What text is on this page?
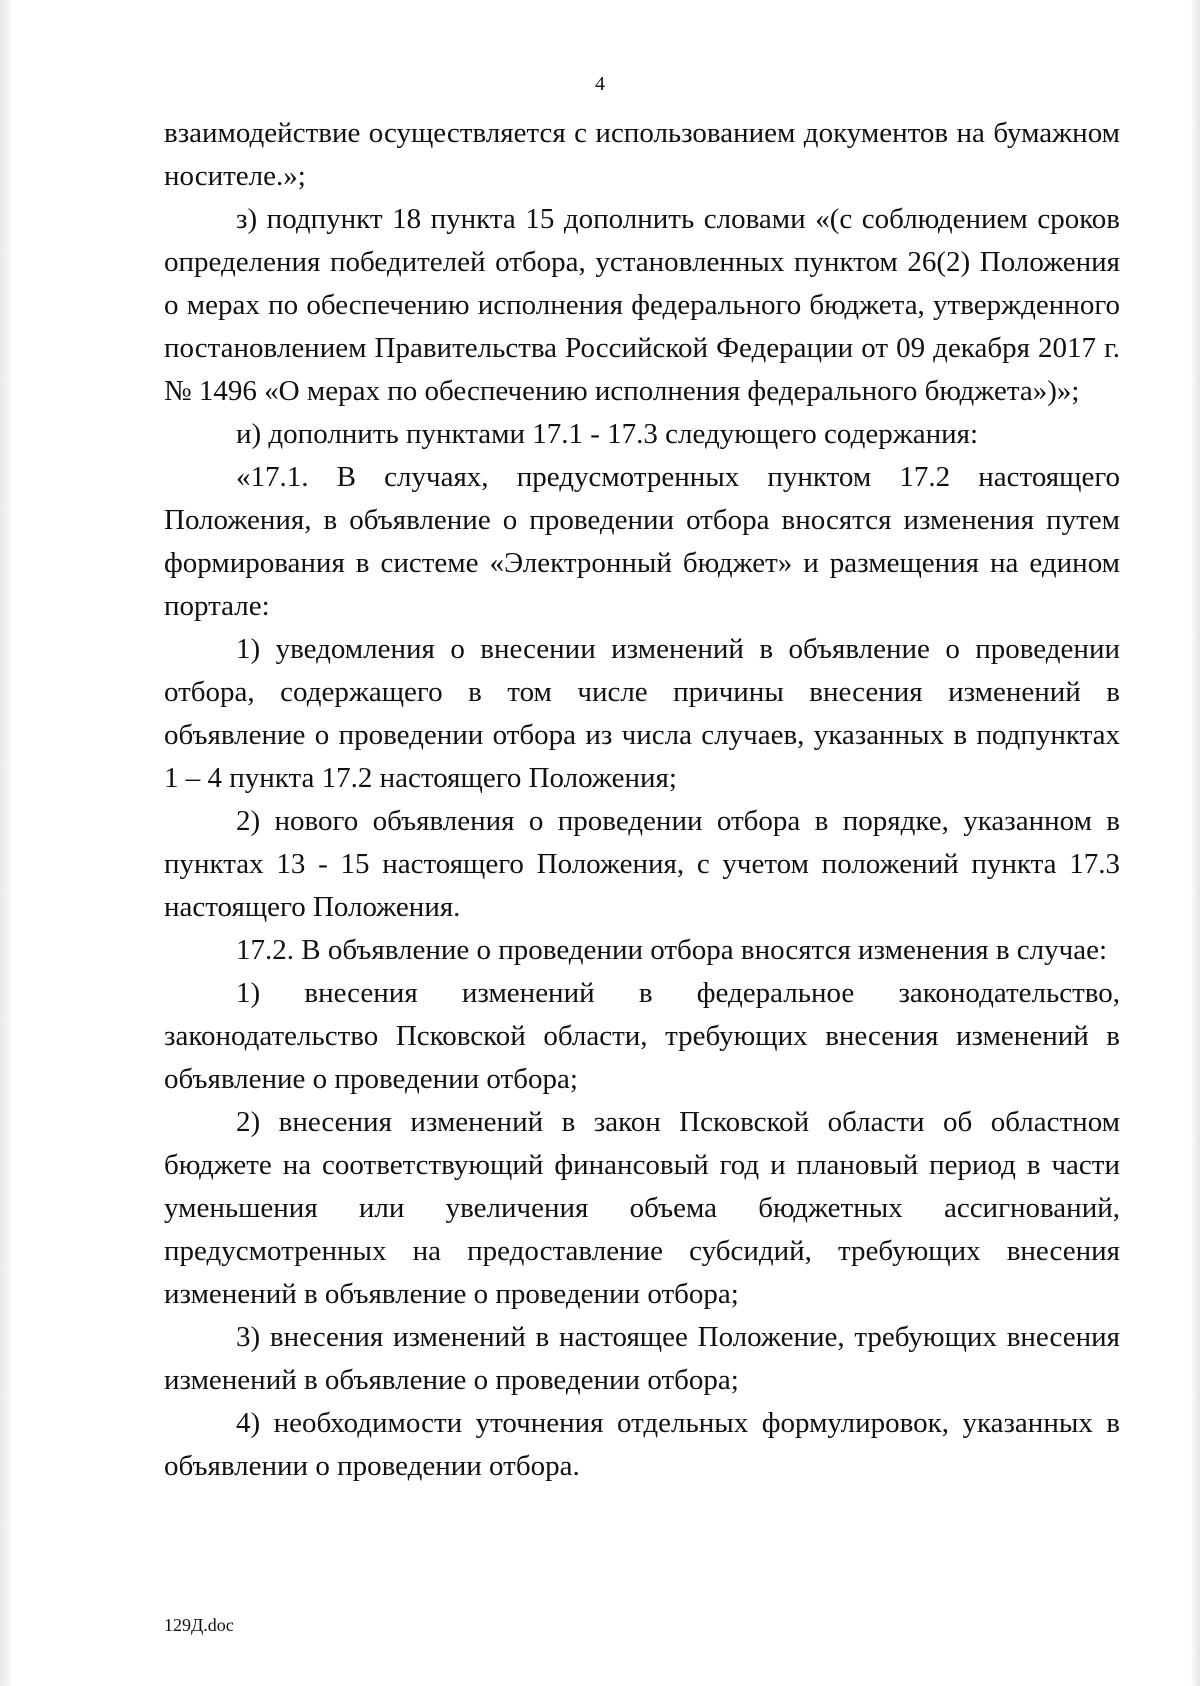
4

взаимодействие осуществляется с использованием документов на бумажном носителе.»;

з) подпункт 18 пункта 15 дополнить словами «(с соблюдением сроков определения победителей отбора, установленных пунктом 26(2) Положения о мерах по обеспечению исполнения федерального бюджета, утвержденного постановлением Правительства Российской Федерации от 09 декабря 2017 г. № 1496 «О мерах по обеспечению исполнения федерального бюджета»)»;

и) дополнить пунктами 17.1 - 17.3 следующего содержания:

«17.1. В случаях, предусмотренных пунктом 17.2 настоящего Положения, в объявление о проведении отбора вносятся изменения путем формирования в системе «Электронный бюджет» и размещения на едином портале:

1) уведомления о внесении изменений в объявление о проведении отбора, содержащего в том числе причины внесения изменений в объявление о проведении отбора из числа случаев, указанных в подпунктах 1 – 4 пункта 17.2 настоящего Положения;

2) нового объявления о проведении отбора в порядке, указанном в пунктах 13 - 15 настоящего Положения, с учетом положений пункта 17.3 настоящего Положения.

17.2. В объявление о проведении отбора вносятся изменения в случае:

1) внесения изменений в федеральное законодательство, законодательство Псковской области, требующих внесения изменений в объявление о проведении отбора;

2) внесения изменений в закон Псковской области об областном бюджете на соответствующий финансовый год и плановый период в части уменьшения или увеличения объема бюджетных ассигнований, предусмотренных на предоставление субсидий, требующих внесения изменений в объявление о проведении отбора;

3) внесения изменений в настоящее Положение, требующих внесения изменений в объявление о проведении отбора;

4) необходимости уточнения отдельных формулировок, указанных в объявлении о проведении отбора.

129Д.doc
